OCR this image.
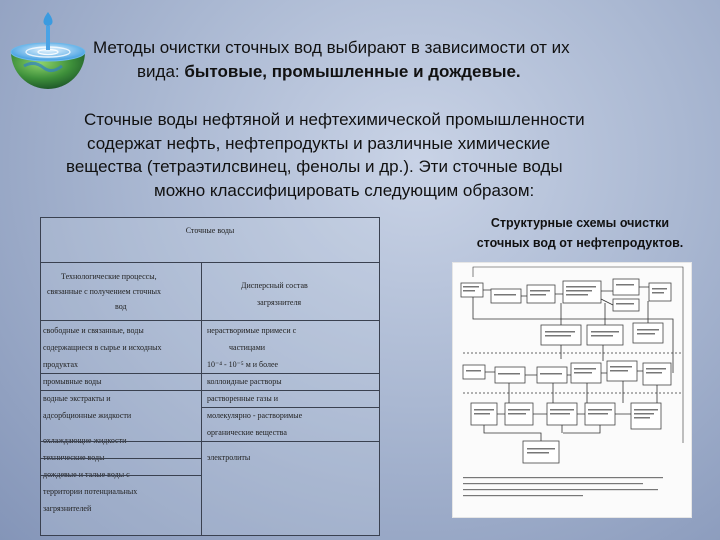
Методы очистки сточных вод выбирают в зависимости от их
вида: бытовые, промышленные и дождевые.
Сточные воды нефтяной и нефтехимической промышленности
содержат нефть, нефтепродукты и различные химические
вещества (тетраэтилсвинец, фенолы и др.). Эти сточные воды
можно классифицировать следующим образом:
Сточные воды
Технологические процессы,
связанные с получением сточных
вод
Дисперсный состав
загрязнителя
свободные и связанные, воды
содержащиеся в сырье и исходных
продуктах
промывные воды
водные экстракты и
адсорбционные жидкости
территории потенциальных
загрязнителей
нерастворимые примеси с
частицами
10⁻⁴ - 10⁻⁵ м и более
коллоидные растворы
растворенные газы и
молекулярно - растворимые
органические вещества
электролиты
Структурные схемы очистки
сточных вод от нефтепродуктов.
